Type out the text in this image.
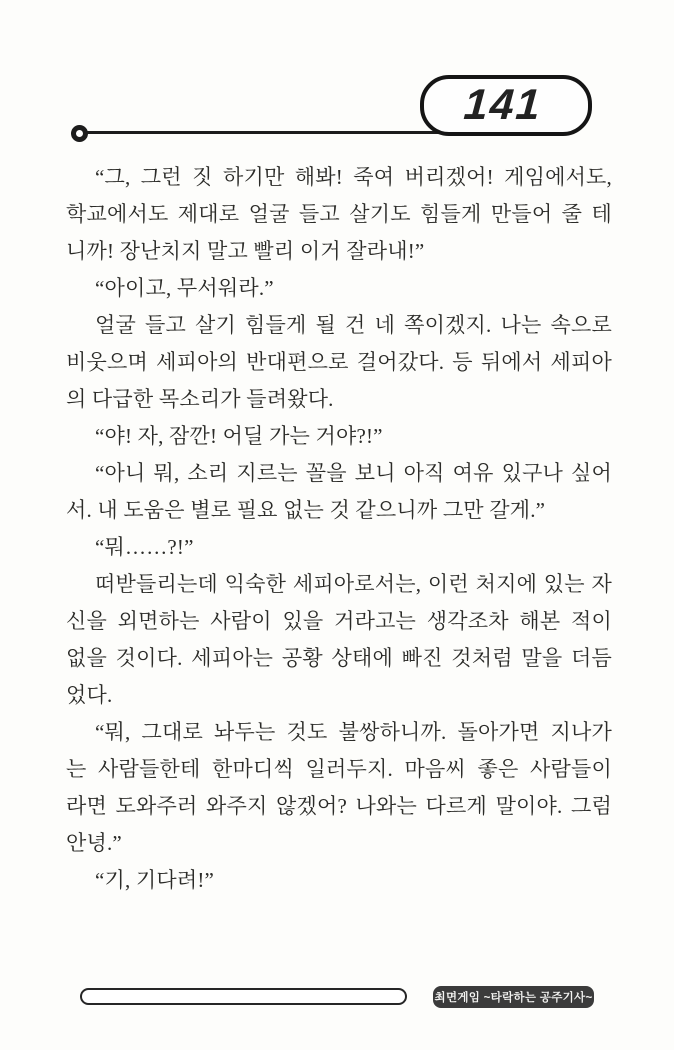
141
“그, 그런 짓 하기만 해봐! 죽여 버리겠어! 게임에서도,
학교에서도 제대로 얼굴 들고 살기도 힘들게 만들어 줄 테
니까! 장난치지 말고 빨리 이거 잘라내!”
“아이고, 무서워라.”
얼굴 들고 살기 힘들게 될 건 네 쪽이겠지. 나는 속으로
비웃으며 세피아의 반대편으로 걸어갔다. 등 뒤에서 세피아
의 다급한 목소리가 들려왔다.
“야! 자, 잠깐! 어딜 가는 거야?!”
“아니 뭐, 소리 지르는 꼴을 보니 아직 여유 있구나 싶어
서. 내 도움은 별로 필요 없는 것 같으니까 그만 갈게.”
“뭐……?!”
떠받들리는데 익숙한 세피아로서는, 이런 처지에 있는 자
신을 외면하는 사람이 있을 거라고는 생각조차 해본 적이
없을 것이다. 세피아는 공황 상태에 빠진 것처럼 말을 더듬
었다.
“뭐, 그대로 놔두는 것도 불쌍하니까. 돌아가면 지나가
는 사람들한테 한마디씩 일러두지. 마음씨 좋은 사람들이
라면 도와주러 와주지 않겠어? 나와는 다르게 말이야. 그럼
안녕.”
“기, 기다려!”
최면게임 ~타락하는 공주기사~
